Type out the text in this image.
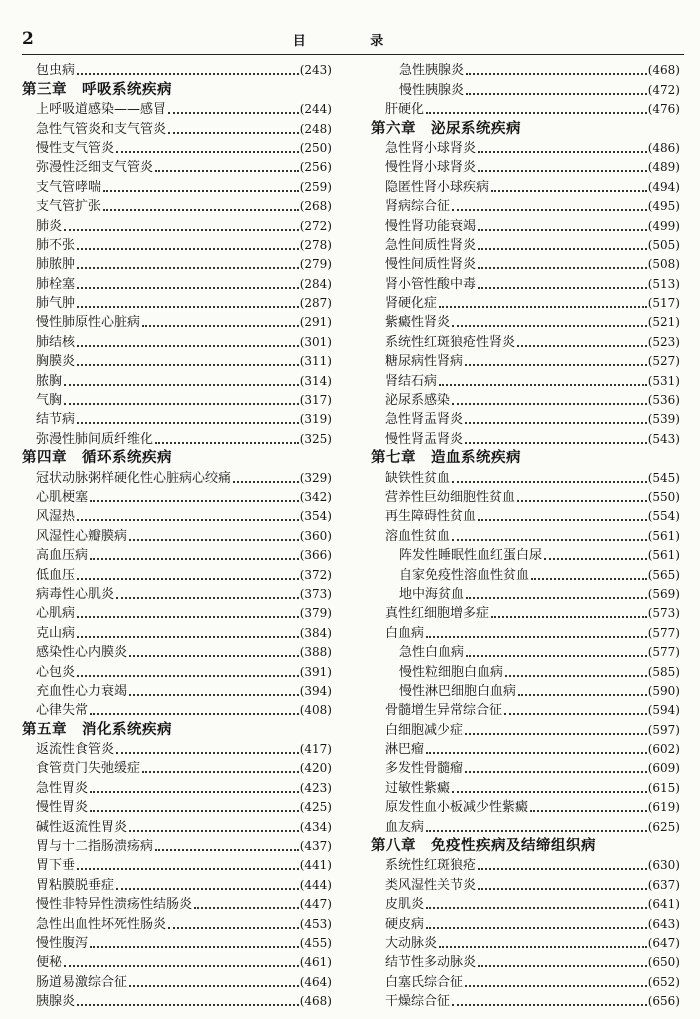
2	目 录
包虫病	(243)
第三章　呼吸系统疾病
上呼吸道感染——感冒	(244)
急性气管炎和支气管炎	(248)
慢性支气管炎	(250)
弥漫性泛细支气管炎	(256)
支气管哮喘	(259)
支气管扩张	(268)
肺炎	(272)
肺不张	(278)
肺脓肿	(279)
肺栓塞	(284)
肺气肿	(287)
慢性肺原性心脏病	(291)
肺结核	(301)
胸膜炎	(311)
脓胸	(314)
气胸	(317)
结节病	(319)
弥漫性肺间质纤维化	(325)
第四章　循环系统疾病
冠状动脉粥样硬化性心脏病心绞痛	(329)
心肌梗塞	(342)
风湿热	(354)
风湿性心瓣膜病	(360)
高血压病	(366)
低血压	(372)
病毒性心肌炎	(373)
心肌病	(379)
克山病	(384)
感染性心内膜炎	(388)
心包炎	(391)
充血性心力衰竭	(394)
心律失常	(408)
第五章　消化系统疾病
返流性食管炎	(417)
食管贲门失弛缓症	(420)
急性胃炎	(423)
慢性胃炎	(425)
碱性返流性胃炎	(434)
胃与十二指肠溃疡病	(437)
胃下垂	(441)
胃粘膜脱垂症	(444)
慢性非特异性溃疡性结肠炎	(447)
急性出血性坏死性肠炎	(453)
慢性腹泻	(455)
便秘	(461)
肠道易激综合征	(464)
胰腺炎	(468)
急性胰腺炎	(468)
慢性胰腺炎	(472)
肝硬化	(476)
第六章　泌尿系统疾病
急性肾小球肾炎	(486)
慢性肾小球肾炎	(489)
隐匿性肾小球疾病	(494)
肾病综合征	(495)
慢性肾功能衰竭	(499)
急性间质性肾炎	(505)
慢性间质性肾炎	(508)
肾小管性酸中毒	(513)
肾硬化症	(517)
紫癜性肾炎	(521)
系统性红斑狼疮性肾炎	(523)
糖尿病性肾病	(527)
肾结石病	(531)
泌尿系感染	(536)
急性肾盂肾炎	(539)
慢性肾盂肾炎	(543)
第七章　造血系统疾病
缺铁性贫血	(545)
营养性巨幼细胞性贫血	(550)
再生障碍性贫血	(554)
溶血性贫血	(561)
阵发性睡眠性血红蛋白尿	(561)
自家免疫性溶血性贫血	(565)
地中海贫血	(569)
真性红细胞增多症	(573)
白血病	(577)
急性白血病	(577)
慢性粒细胞白血病	(585)
慢性淋巴细胞白血病	(590)
骨髓增生异常综合征	(594)
白细胞减少症	(597)
淋巴瘤	(602)
多发性骨髓瘤	(609)
过敏性紫癜	(615)
原发性血小板减少性紫癜	(619)
血友病	(625)
第八章　免疫性疾病及结缔组织病
系统性红斑狼疮	(630)
类风湿性关节炎	(637)
皮肌炎	(641)
硬皮病	(643)
大动脉炎	(647)
结节性多动脉炎	(650)
白塞氏综合征	(652)
干燥综合征	(656)
